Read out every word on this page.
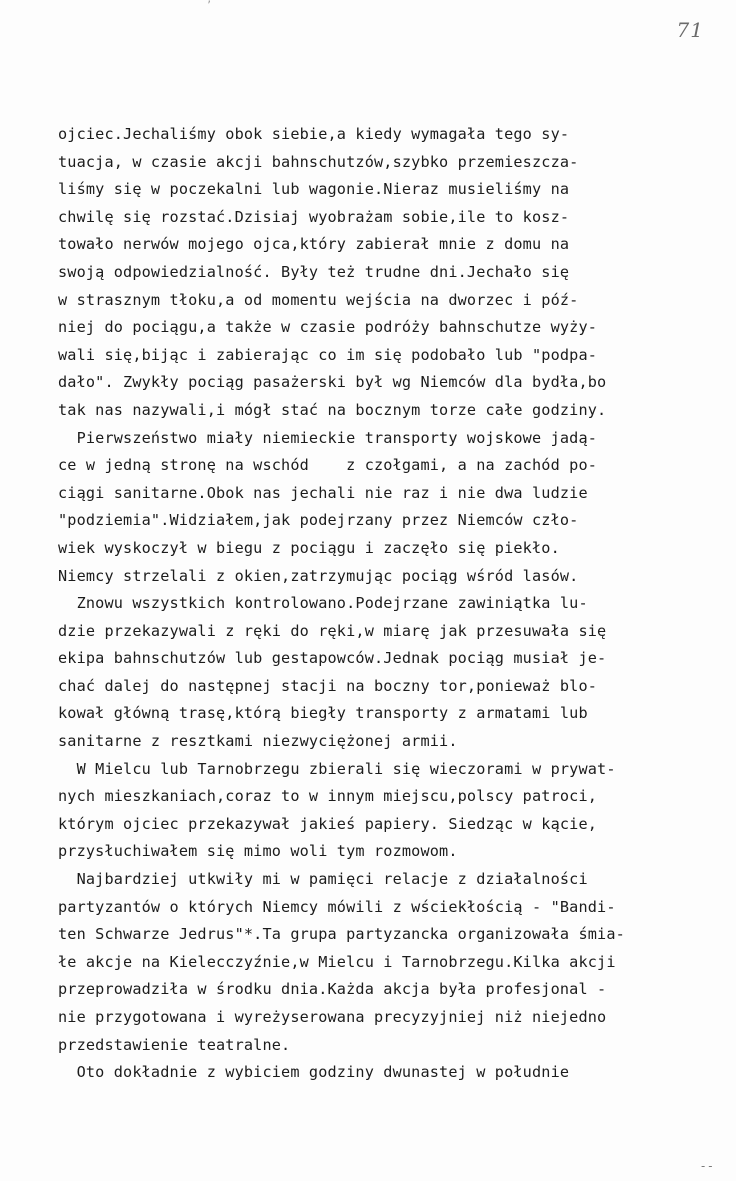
’
71
ojciec.Jechaliśmy obok siebie,a kiedy wymagała tego sy-
tuacja, w czasie akcji bahnschutzów,szybko przemieszcza-
liśmy się w poczekalni lub wagonie.Nieraz musieliśmy na
chwilę się rozstać.Dzisiaj wyobrażam sobie,ile to kosz-
towało nerwów mojego ojca,który zabierał mnie z domu na
swoją odpowiedzialność. Były też trudne dni.Jechało się
w strasznym tłoku,a od momentu wejścia na dworzec i póź-
niej do pociągu,a także w czasie podróży bahnschutze wyży-
wali się,bijąc i zabierając co im się podobało lub "podpa-
dało". Zwykły pociąg pasażerski był wg Niemców dla bydła,bo
tak nas nazywali,i mógł stać na bocznym torze całe godziny.
Pierwszeństwo miały niemieckie transporty wojskowe jadą-
ce w jedną stronę na wschód    z czołgami, a na zachód po-
ciągi sanitarne.Obok nas jechali nie raz i nie dwa ludzie
"podziemia".Widziałem,jak podejrzany przez Niemców czło-
wiek wyskoczył w biegu z pociągu i zaczęło się piekło.
Niemcy strzelali z okien,zatrzymując pociąg wśród lasów.
Znowu wszystkich kontrolowano.Podejrzane zawiniątka lu-
dzie przekazywali z ręki do ręki,w miarę jak przesuwała się
ekipa bahnschutzów lub gestapowców.Jednak pociąg musiał je-
chać dalej do następnej stacji na boczny tor,ponieważ blo-
kował główną trasę,którą biegły transporty z armatami lub
sanitarne z resztkami niezwyciężonej armii.
W Mielcu lub Tarnobrzegu zbierali się wieczorami w prywat-
nych mieszkaniach,coraz to w innym miejscu,polscy patroci,
którym ojciec przekazywał jakieś papiery. Siedząc w kącie,
przysłuchiwałem się mimo woli tym rozmowom.
Najbardziej utkwiły mi w pamięci relacje z działalności
partyzantów o których Niemcy mówili z wściekłością - "Bandi-
ten Schwarze Jedrus"*.Ta grupa partyzancka organizowała śmia-
łe akcje na Kielecczyźnie,w Mielcu i Tarnobrzegu.Kilka akcji
przeprowadziła w środku dnia.Każda akcja była profesjonal -
nie przygotowana i wyreżyserowana precyzyjniej niż niejedno
przedstawienie teatralne.
Oto dokładnie z wybiciem godziny dwunastej w południe
--
